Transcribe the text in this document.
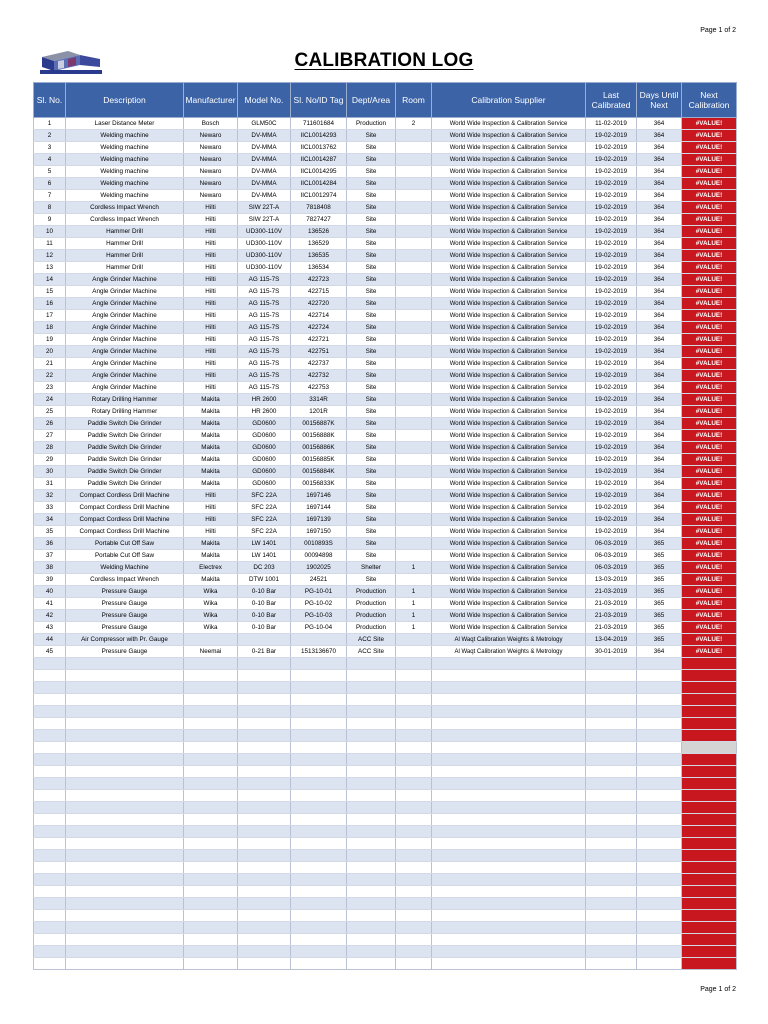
Page 1 of 2
CALIBRATION LOG
Sl. No.	Description	Manufacturer	Model No.	Sl. No/ID Tag	Dept/Area	Room	Calibration Supplier	Last Calibrated	Days Until Next	Next Calibration
1	Laser Distance Meter	Bosch	GLM50C	711601684	Production	2	World Wide Inspection & Calibration Service	11-02-2019	364	#VALUE!
2	Welding machine	Newaro	DV-MMA	IICL0014293	Site		World Wide Inspection & Calibration Service	19-02-2019	364	#VALUE!
3	Welding machine	Newaro	DV-MMA	IICL0013762	Site		World Wide Inspection & Calibration Service	19-02-2019	364	#VALUE!
4	Welding machine	Newaro	DV-MMA	IICL0014287	Site		World Wide Inspection & Calibration Service	19-02-2019	364	#VALUE!
5	Welding machine	Newaro	DV-MMA	IICL0014295	Site		World Wide Inspection & Calibration Service	19-02-2019	364	#VALUE!
6	Welding machine	Newaro	DV-MMA	IICL0014284	Site		World Wide Inspection & Calibration Service	19-02-2019	364	#VALUE!
7	Welding machine	Newaro	DV-MMA	IICL0012974	Site		World Wide Inspection & Calibration Service	19-02-2019	364	#VALUE!
8	Cordless Impact Wrench	Hilti	SIW 22T-A	7818408	Site		World Wide Inspection & Calibration Service	19-02-2019	364	#VALUE!
9	Cordless Impact Wrench	Hilti	SIW 22T-A	7827427	Site		World Wide Inspection & Calibration Service	19-02-2019	364	#VALUE!
10	Hammer Drill	Hilti	UD300-110V	136526	Site		World Wide Inspection & Calibration Service	19-02-2019	364	#VALUE!
11	Hammer Drill	Hilti	UD300-110V	136529	Site		World Wide Inspection & Calibration Service	19-02-2019	364	#VALUE!
12	Hammer Drill	Hilti	UD300-110V	136535	Site		World Wide Inspection & Calibration Service	19-02-2019	364	#VALUE!
13	Hammer Drill	Hilti	UD300-110V	136534	Site		World Wide Inspection & Calibration Service	19-02-2019	364	#VALUE!
14	Angle Grinder Machine	Hilti	AG 115-7S	422723	Site		World Wide Inspection & Calibration Service	19-02-2019	364	#VALUE!
15	Angle Grinder Machine	Hilti	AG 115-7S	422715	Site		World Wide Inspection & Calibration Service	19-02-2019	364	#VALUE!
16	Angle Grinder Machine	Hilti	AG 115-7S	422720	Site		World Wide Inspection & Calibration Service	19-02-2019	364	#VALUE!
17	Angle Grinder Machine	Hilti	AG 115-7S	422714	Site		World Wide Inspection & Calibration Service	19-02-2019	364	#VALUE!
18	Angle Grinder Machine	Hilti	AG 115-7S	422724	Site		World Wide Inspection & Calibration Service	19-02-2019	364	#VALUE!
19	Angle Grinder Machine	Hilti	AG 115-7S	422721	Site		World Wide Inspection & Calibration Service	19-02-2019	364	#VALUE!
20	Angle Grinder Machine	Hilti	AG 115-7S	422751	Site		World Wide Inspection & Calibration Service	19-02-2019	364	#VALUE!
21	Angle Grinder Machine	Hilti	AG 115-7S	422737	Site		World Wide Inspection & Calibration Service	19-02-2019	364	#VALUE!
22	Angle Grinder Machine	Hilti	AG 115-7S	422732	Site		World Wide Inspection & Calibration Service	19-02-2019	364	#VALUE!
23	Angle Grinder Machine	Hilti	AG 115-7S	422753	Site		World Wide Inspection & Calibration Service	19-02-2019	364	#VALUE!
24	Rotary Drilling Hammer	Makita	HR 2600	3314R	Site		World Wide Inspection & Calibration Service	19-02-2019	364	#VALUE!
25	Rotary Drilling Hammer	Makita	HR 2600	1201R	Site		World Wide Inspection & Calibration Service	19-02-2019	364	#VALUE!
26	Paddle Switch Die Grinder	Makita	GD0600	00156887K	Site		World Wide Inspection & Calibration Service	19-02-2019	364	#VALUE!
27	Paddle Switch Die Grinder	Makita	GD0600	00156888K	Site		World Wide Inspection & Calibration Service	19-02-2019	364	#VALUE!
28	Paddle Switch Die Grinder	Makita	GD0600	00156886K	Site		World Wide Inspection & Calibration Service	19-02-2019	364	#VALUE!
29	Paddle Switch Die Grinder	Makita	GD0600	00156885K	Site		World Wide Inspection & Calibration Service	19-02-2019	364	#VALUE!
30	Paddle Switch Die Grinder	Makita	GD0600	00156884K	Site		World Wide Inspection & Calibration Service	19-02-2019	364	#VALUE!
31	Paddle Switch Die Grinder	Makita	GD0600	00156833K	Site		World Wide Inspection & Calibration Service	19-02-2019	364	#VALUE!
32	Compact Cordless Drill Machine	Hilti	SFC 22A	1697146	Site		World Wide Inspection & Calibration Service	19-02-2019	364	#VALUE!
33	Compact Cordless Drill Machine	Hilti	SFC 22A	1697144	Site		World Wide Inspection & Calibration Service	19-02-2019	364	#VALUE!
34	Compact Cordless Drill Machine	Hilti	SFC 22A	1697139	Site		World Wide Inspection & Calibration Service	19-02-2019	364	#VALUE!
35	Compact Cordless Drill Machine	Hilti	SFC 22A	1697150	Site		World Wide Inspection & Calibration Service	19-02-2019	364	#VALUE!
36	Portable Cut Off Saw	Makita	LW 1401	0010893S	Site		World Wide Inspection & Calibration Service	06-03-2019	365	#VALUE!
37	Portable Cut Off Saw	Makita	LW 1401	00094898	Site		World Wide Inspection & Calibration Service	06-03-2019	365	#VALUE!
38	Welding Machine	Electrex	DC 203	1902025	Shelter	1	World Wide Inspection & Calibration Service	06-03-2019	365	#VALUE!
39	Cordless Impact Wrench	Makita	DTW 1001	24521	Site		World Wide Inspection & Calibration Service	13-03-2019	365	#VALUE!
40	Pressure Gauge	Wika	0-10 Bar	PG-10-01	Production	1	World Wide Inspection & Calibration Service	21-03-2019	365	#VALUE!
41	Pressure Gauge	Wika	0-10 Bar	PG-10-02	Production	1	World Wide Inspection & Calibration Service	21-03-2019	365	#VALUE!
42	Pressure Gauge	Wika	0-10 Bar	PG-10-03	Production	1	World Wide Inspection & Calibration Service	21-03-2019	365	#VALUE!
43	Pressure Gauge	Wika	0-10 Bar	PG-10-04	Production	1	World Wide Inspection & Calibration Service	21-03-2019	365	#VALUE!
44	Air Compressor with Pr. Gauge				ACC Site		Al Waqt Calibration Weights & Metrology	13-04-2019	365	#VALUE!
45	Pressure Gauge	Neemai	0-21 Bar	1513136670	ACC Site		Al Waqt Calibration Weights & Metrology	30-01-2019	364	#VALUE!

Page 1 of 2
